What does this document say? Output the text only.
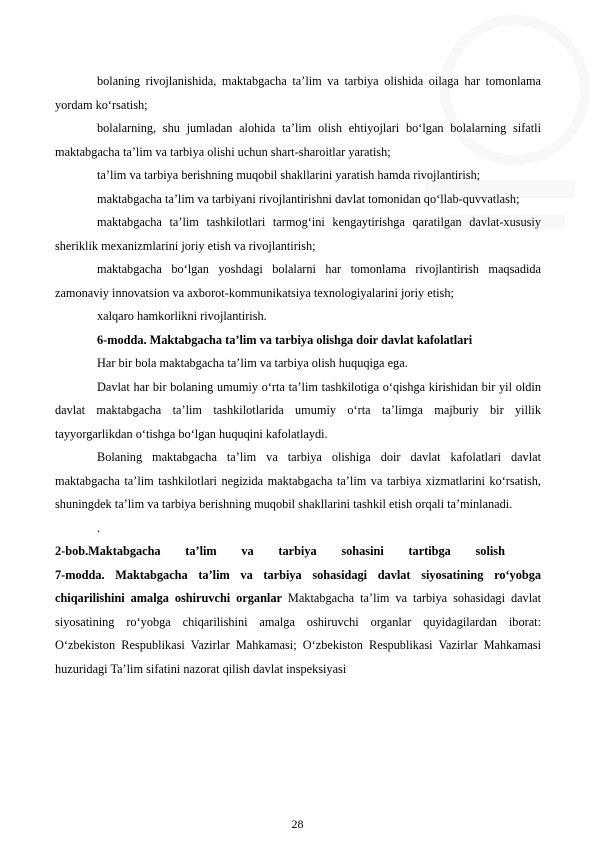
bolaning rivojlanishida, maktabgacha ta’lim va tarbiya olishida oilaga har tomonlama yordam ko‘rsatish;

bolalarning, shu jumladan alohida ta’lim olish ehtiyojlari bo‘lgan bolalarning sifatli maktabgacha ta’lim va tarbiya olishi uchun shart-sharoitlar yaratish;

ta’lim va tarbiya berishning muqobil shakllarini yaratish hamda rivojlantirish;

maktabgacha ta’lim va tarbiyani rivojlantirishni davlat tomonidan qo‘llab-quvvatlash;

maktabgacha ta’lim tashkilotlari tarmog‘ini kengaytirishga qaratilgan davlat-xususiy sheriklik mexanizmlarini joriy etish va rivojlantirish;

maktabgacha bo‘lgan yoshdagi bolalarni har tomonlama rivojlantirish maqsadida zamonaviy innovatsion va axborot-kommunikatsiya texnologiyalarini joriy etish;

xalqaro hamkorlikni rivojlantirish.

6-modda. Maktabgacha ta’lim va tarbiya olishga doir davlat kafolatlari

Har bir bola maktabgacha ta’lim va tarbiya olish huquqiga ega.

Davlat har bir bolaning umumiy o‘rta ta’lim tashkilotiga o‘qishga kirishidan bir yil oldin davlat maktabgacha ta’lim tashkilotlarida umumiy o‘rta ta’limga majburiy bir yillik tayyorgarlikdan o‘tishga bo‘lgan huquqini kafolatlaydi.

Bolaning maktabgacha ta’lim va tarbiya olishiga doir davlat kafolatlari davlat maktabgacha ta’lim tashkilotlari negizida maktabgacha ta’lim va tarbiya xizmatlarini ko‘rsatish, shuningdek ta’lim va tarbiya berishning muqobil shakllarini tashkil etish orqali ta’minlanadi.

.

2-bob.Maktabgacha ta’lim va tarbiya sohasini tartibga solish

7-modda. Maktabgacha ta’lim va tarbiya sohasidagi davlat siyosatining ro‘yobga chiqarilishini amalga oshiruvchi organlar Maktabgacha ta’lim va tarbiya sohasidagi davlat siyosatining ro‘yobga chiqarilishini amalga oshiruvchi organlar quyidagilardan iborat: O‘zbekiston Respublikasi Vazirlar Mahkamasi; O‘zbekiston Respublikasi Vazirlar Mahkamasi huzuridagi Ta’lim sifatini nazorat qilish davlat inspeksiyasi

28
